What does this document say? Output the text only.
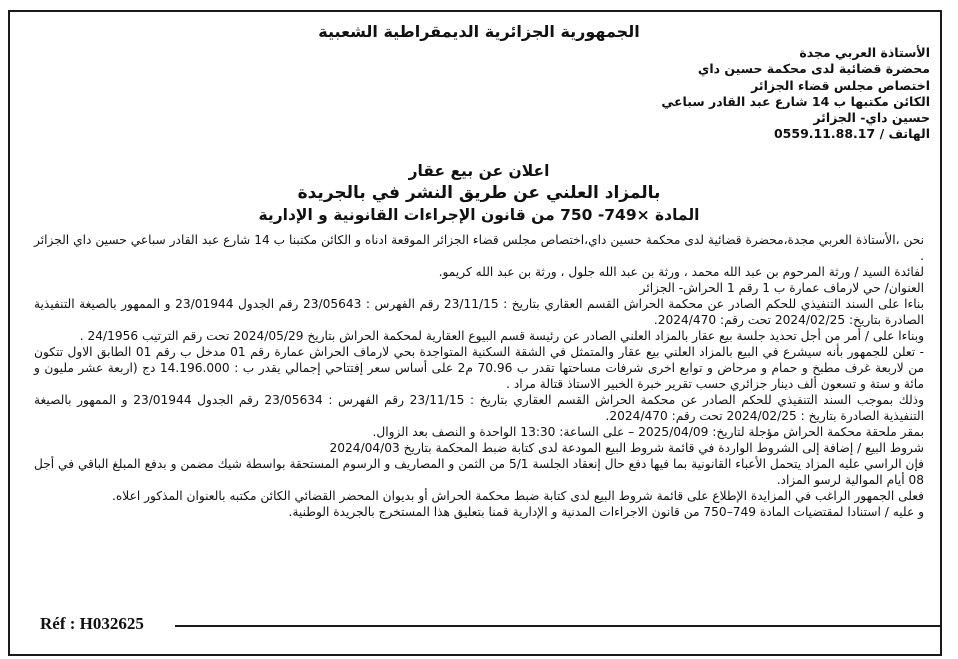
الجمهورية الجزائرية الديمقراطية الشعبية
الأستاذة العربي مجدة
محضرة قضائية لدى محكمة حسين داي
اختصاص مجلس قضاء الجزائر
الكائن مكتبها ب 14 شارع عبد القادر سباعي
حسين داي- الجزائر
الهاتف / 0559.11.88.17
اعلان عن بيع عقار
بالمزاد العلني عن طريق النشر في بالجريدة
المادة ×749- 750 من قانون الإجراءات القانونية و الإدارية

نحن ،الأستاذة العربي مجدة،محضرة قضائية لدى محكمة حسين داي،اختصاص مجلس قضاء الجزائر الموقعة ادناه و الكائن مكتبنا ب 14 شارع عبد القادر سباعي حسين داي الجزائر .

لفائدة السيد / ورثة المرحوم بن عبد الله محمد ، ورثة بن عبد الله جلول ، ورثة بن عبد الله كريمو.

العنوان/ حي لارماف عمارة ب 1 رقم 1 الحراش- الجزائر

بناءا على السند التنفيذي للحكم الصادر عن محكمة الحراش القسم العقاري بتاريخ : 23/11/15 رقم الفهرس : 23/05643 رقم الجدول 23/01944 و الممهور بالصيغة التنفيذية الصادرة بتاريخ: 2024/02/25 تحت رقم: 2024/470.

وبناءا على / أمر من أجل تحديد جلسة بيع عقار بالمزاد العلني الصادر عن رئيسة قسم البيوع العقارية لمحكمة الحراش بتاريخ 2024/05/29 تحت رقم الترتيب 24/1956 .

- تعلن للجمهور بأنه سيشرع في البيع بالمزاد العلني بيع عقار والمتمثل في الشقة السكنية المتواجدة بحي لارماف الحراش عمارة رقم 01 مدخل ب رقم 01 الطابق الاول تتكون من لاربعة غرف مطبخ و حمام و مرحاض و توابع اخرى شرفات مساحتها تقدر ب 70.96 م2 على أساس سعر إفتتاحي إجمالي يقدر ب : 14.196.000 دج (اربعة عشر مليون و مائة و ستة و تسعون ألف دينار جزائري حسب تقرير خبرة الخبير الاستاذ قتالة مراد .

وذلك بموجب السند التنفيذي للحكم الصادر عن محكمة الحراش القسم العقاري بتاريخ : 23/11/15 رقم الفهرس : 23/05634 رقم الجدول 23/01944 و الممهور بالصيغة التنفيذية الصادرة بتاريخ : 2024/02/25 تحت رقم: 2024/470.

بمقر ملحقة محكمة الحراش مؤجلة لتاريخ: 2025/04/09 – على الساعة: 13:30 الواحدة و النصف بعد الزوال.

شروط البيع / إضافة إلى الشروط الواردة في قائمة شروط البيع المودعة لدى كتابة ضبط المحكمة بتاريخ 2024/04/03

فإن الراسي عليه المزاد يتحمل الأعباء القانونية بما فيها دفع حال إنعقاد الجلسة 5/1 من الثمن و المصاريف و الرسوم المستحقة بواسطة شيك مضمن و بدفع المبلغ الباقي في أجل 08 أيام الموالية لرسو المزاد.

فعلى الجمهور الراغب في المزايدة الإطلاع على قائمة شروط البيع لدى كتابة ضبط محكمة الحراش أو بديوان المحضر القضائي الكائن مكتبه بالعنوان المذكور اعلاه.

و عليه / استنادا لمقتضيات المادة 749–750 من قانون الاجراءات المدنية و الإدارية قمنا بتعليق هذا المستخرج بالجريدة الوطنية.

Réf : H032625
